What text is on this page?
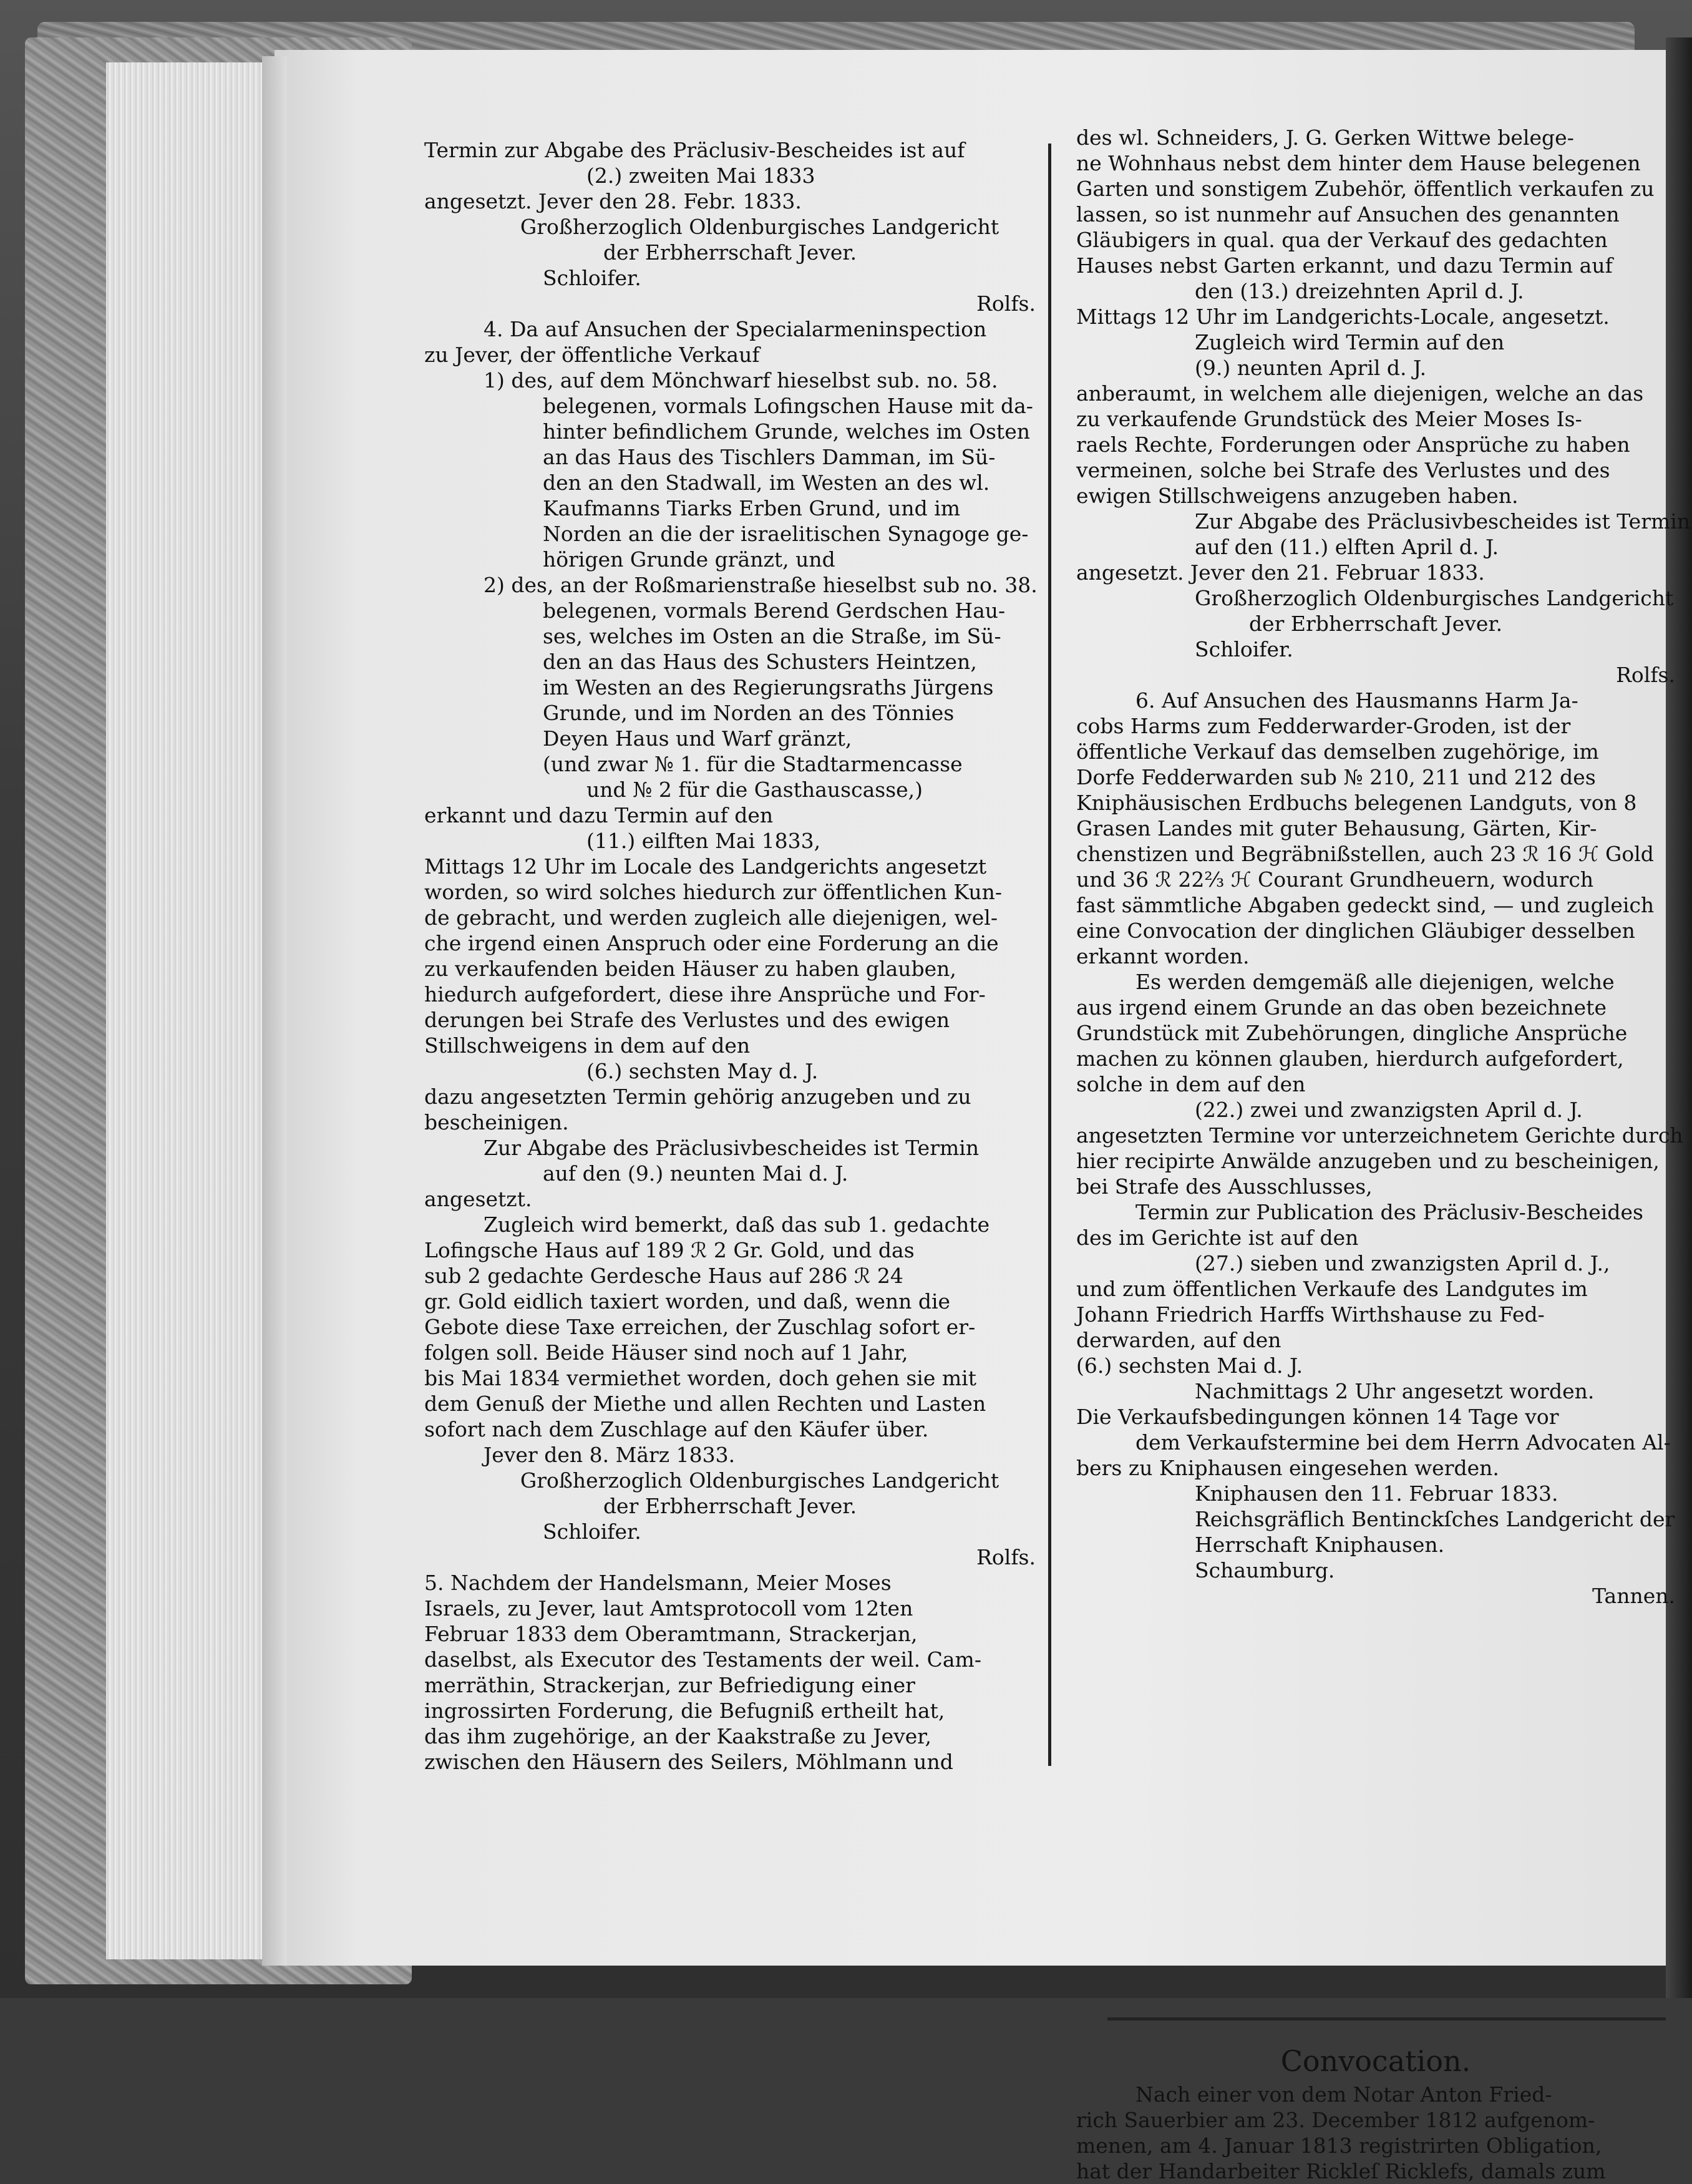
Termin zur Abgabe des Präclusiv-Bescheides ist auf
(2.) zweiten Mai 1833
angesetzt. Jever den 28. Febr. 1833.
Großherzoglich Oldenburgisches Landgericht
der Erbherrschaft Jever.
Schloifer.
Rolfs.
4. Da auf Ansuchen der Specialarmeninspection
zu Jever, der öffentliche Verkauf
1) des, auf dem Mönchwarf hieselbst sub. no. 58.
belegenen, vormals Lofingschen Hause mit da-
hinter befindlichem Grunde, welches im Osten
an das Haus des Tischlers Damman, im Sü-
den an den Stadwall, im Westen an des wl.
Kaufmanns Tiarks Erben Grund, und im
Norden an die der israelitischen Synagoge ge-
hörigen Grunde gränzt, und
2) des, an der Roßmarienstraße hieselbst sub no. 38.
belegenen, vormals Berend Gerdschen Hau-
ses, welches im Osten an die Straße, im Sü-
den an das Haus des Schusters Heintzen,
im Westen an des Regierungsraths Jürgens
Grunde, und im Norden an des Tönnies
Deyen Haus und Warf gränzt,
(und zwar № 1. für die Stadtarmencasse
und № 2 für die Gasthauscasse,)
erkannt und dazu Termin auf den
(11.) eilften Mai 1833,
Mittags 12 Uhr im Locale des Landgerichts angesetzt
worden, so wird solches hiedurch zur öffentlichen Kun-
de gebracht, und werden zugleich alle diejenigen, wel-
che irgend einen Anspruch oder eine Forderung an die
zu verkaufenden beiden Häuser zu haben glauben,
hiedurch aufgefordert, diese ihre Ansprüche und For-
derungen bei Strafe des Verlustes und des ewigen
Stillschweigens in dem auf den
(6.) sechsten May d. J.
dazu angesetzten Termin gehörig anzugeben und zu
bescheinigen.
Zur Abgabe des Präclusivbescheides ist Termin
auf den (9.) neunten Mai d. J.
angesetzt.
Zugleich wird bemerkt, daß das sub 1. gedachte
Lofingsche Haus auf 189 ℛ 2 Gr. Gold, und das
sub 2 gedachte Gerdesche Haus auf 286 ℛ 24
gr. Gold eidlich taxiert worden, und daß, wenn die
Gebote diese Taxe erreichen, der Zuschlag sofort er-
folgen soll. Beide Häuser sind noch auf 1 Jahr,
bis Mai 1834 vermiethet worden, doch gehen sie mit
dem Genuß der Miethe und allen Rechten und Lasten
sofort nach dem Zuschlage auf den Käufer über.
Jever den 8. März 1833.
Großherzoglich Oldenburgisches Landgericht
der Erbherrschaft Jever.
Schloifer.
Rolfs.
5. Nachdem der Handelsmann, Meier Moses
Israels, zu Jever, laut Amtsprotocoll vom 12ten
Februar 1833 dem Oberamtmann, Strackerjan,
daselbst, als Executor des Testaments der weil. Cam-
merräthin, Strackerjan, zur Befriedigung einer
ingrossirten Forderung, die Befugniß ertheilt hat,
das ihm zugehörige, an der Kaakstraße zu Jever,
zwischen den Häusern des Seilers, Möhlmann und
des wl. Schneiders, J. G. Gerken Wittwe belege-
ne Wohnhaus nebst dem hinter dem Hause belegenen
Garten und sonstigem Zubehör, öffentlich verkaufen zu
lassen, so ist nunmehr auf Ansuchen des genannten
Gläubigers in qual. qua der Verkauf des gedachten
Hauses nebst Garten erkannt, und dazu Termin auf
den (13.) dreizehnten April d. J.
Mittags 12 Uhr im Landgerichts-Locale, angesetzt.
Zugleich wird Termin auf den
(9.) neunten April d. J.
anberaumt, in welchem alle diejenigen, welche an das
zu verkaufende Grundstück des Meier Moses Is-
raels Rechte, Forderungen oder Ansprüche zu haben
vermeinen, solche bei Strafe des Verlustes und des
ewigen Stillschweigens anzugeben haben.
Zur Abgabe des Präclusivbescheides ist Termin
auf den (11.) elften April d. J.
angesetzt. Jever den 21. Februar 1833.
Großherzoglich Oldenburgisches Landgericht
der Erbherrschaft Jever.
Schloifer.
Rolfs.
6. Auf Ansuchen des Hausmanns Harm Ja-
cobs Harms zum Fedderwarder-Groden, ist der
öffentliche Verkauf das demselben zugehörige, im
Dorfe Fedderwarden sub № 210, 211 und 212 des
Kniphäusischen Erdbuchs belegenen Landguts, von 8
Grasen Landes mit guter Behausung, Gärten, Kir-
chenstizen und Begräbnißstellen, auch 23 ℛ 16 ℋ Gold
und 36 ℛ 22⅔ ℋ Courant Grundheuern, wodurch
fast sämmtliche Abgaben gedeckt sind, — und zugleich
eine Convocation der dinglichen Gläubiger desselben
erkannt worden.
Es werden demgemäß alle diejenigen, welche
aus irgend einem Grunde an das oben bezeichnete
Grundstück mit Zubehörungen, dingliche Ansprüche
machen zu können glauben, hierdurch aufgefordert,
solche in dem auf den
(22.) zwei und zwanzigsten April d. J.
angesetzten Termine vor unterzeichnetem Gerichte durch
hier recipirte Anwälde anzugeben und zu bescheinigen,
bei Strafe des Ausschlusses,
Termin zur Publication des Präclusiv-Bescheides
des im Gerichte ist auf den
(27.) sieben und zwanzigsten April d. J.,
und zum öffentlichen Verkaufe des Landgutes im
Johann Friedrich Harffs Wirthshause zu Fed-
derwarden, auf den
(6.) sechsten Mai d. J.
Nachmittags 2 Uhr angesetzt worden.
Die Verkaufsbedingungen können 14 Tage vor
dem Verkaufstermine bei dem Herrn Advocaten Al-
bers zu Kniphausen eingesehen werden.
Kniphausen den 11. Februar 1833.
Reichsgräflich Bentinckſches Landgericht der
Herrschaft Kniphausen.
Schaumburg.
Tannen.
Convocation.
Nach einer von dem Notar Anton Fried-
rich Sauerbier am 23. December 1812 aufgenom-
menen, am 4. Januar 1813 registrirten Obligation,
hat der Handarbeiter Rickleſ Ricklefs, damals zum
